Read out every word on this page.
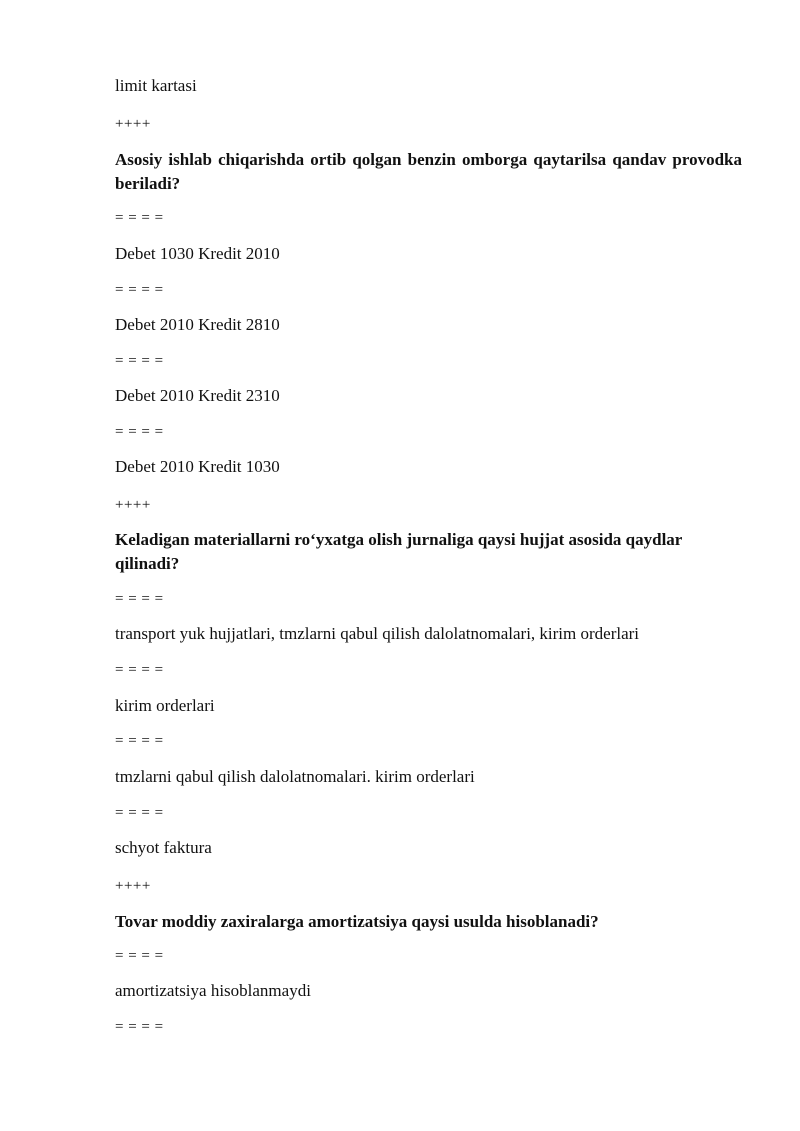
limit kartasi
++++
Asosiy ishlab chiqarishda ortib qolgan benzin omborga qaytarilsa qandav provodka beriladi?
= = = =
Debet 1030 Kredit 2010
= = = =
Debet 2010 Kredit 2810
= = = =
Debet 2010 Kredit 2310
= = = =
Debet 2010 Kredit 1030
++++
Keladigan materiallarni ro‘yxatga olish jurnaliga qaysi hujjat asosida qaydlar qilinadi?
= = = =
transport yuk hujjatlari, tmzlarni qabul qilish dalolatnomalari, kirim orderlari
= = = =
kirim orderlari
= = = =
tmzlarni qabul qilish dalolatnomalari. kirim orderlari
= = = =
schyot faktura
++++
Tovar moddiy zaxiralarga amortizatsiya qaysi usulda hisoblanadi?
= = = =
amortizatsiya hisoblanmaydi
= = = =
